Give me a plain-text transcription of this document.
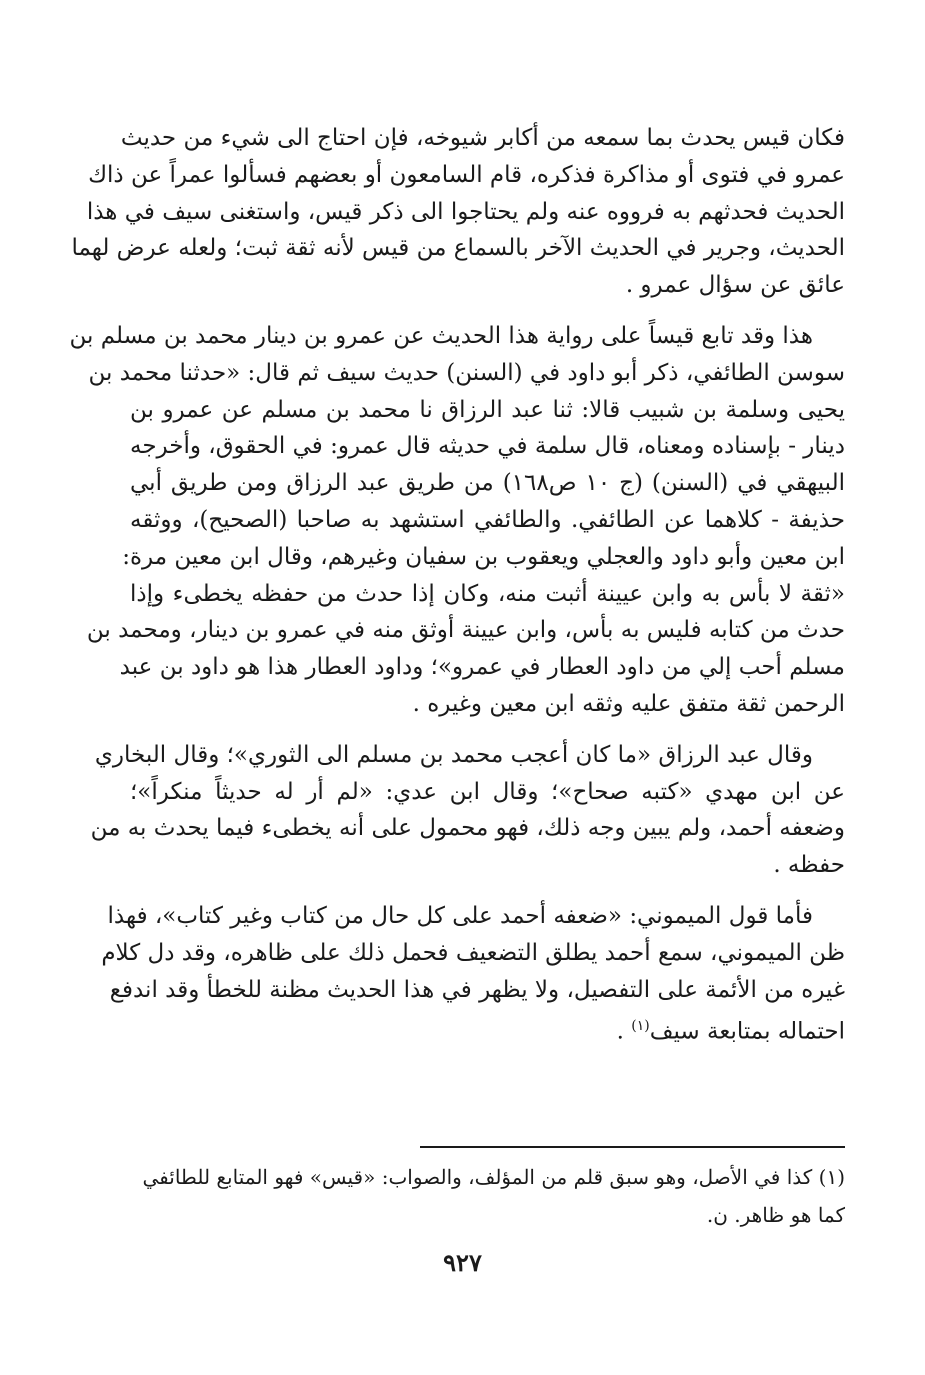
فكان قيس يحدث بما سمعه من أكابر شيوخه، فإن احتاج الى شيء من حديث
عمرو في فتوى أو مذاكرة فذكره، قام السامعون أو بعضهم فسألوا عمراً عن ذاك
الحديث فحدثهم به فرووه عنه ولم يحتاجوا الى ذكر قيس، واستغنى سيف في هذا
الحديث، وجرير في الحديث الآخر بالسماع من قيس لأنه ثقة ثبت؛ ولعله عرض لهما
عائق عن سؤال عمرو .

هذا وقد تابع قيساً على رواية هذا الحديث عن عمرو بن دينار محمد بن مسلم بن
سوسن الطائفي، ذكر أبو داود في (السنن) حديث سيف ثم قال: «حدثنا محمد بن
يحيى وسلمة بن شبيب قالا: ثنا عبد الرزاق نا محمد بن مسلم عن عمرو بن
دينار - بإسناده ومعناه، قال سلمة في حديثه قال عمرو: في الحقوق، وأخرجه
البيهقي في (السنن) (ج ١٠ ص١٦٨) من طريق عبد الرزاق ومن طريق أبي
حذيفة - كلاهما عن الطائفي. والطائفي استشهد به صاحبا (الصحيح)، ووثقه
ابن معين وأبو داود والعجلي ويعقوب بن سفيان وغيرهم، وقال ابن معين مرة:
«ثقة لا بأس به وابن عيينة أثبت منه، وكان إذا حدث من حفظه يخطىء وإذا
حدث من كتابه فليس به بأس، وابن عيينة أوثق منه في عمرو بن دينار، ومحمد بن
مسلم أحب إلي من داود العطار في عمرو»؛ وداود العطار هذا هو داود بن عبد
الرحمن ثقة متفق عليه وثقه ابن معين وغيره .

وقال عبد الرزاق «ما كان أعجب محمد بن مسلم الى الثوري»؛ وقال البخاري
عن ابن مهدي «كتبه صحاح»؛ وقال ابن عدي: «لم أر له حديثاً منكراً»؛
وضعفه أحمد، ولم يبين وجه ذلك، فهو محمول على أنه يخطىء فيما يحدث به من
حفظه .

فأما قول الميموني: «ضعفه أحمد على كل حال من كتاب وغير كتاب»، فهذا
ظن الميموني، سمع أحمد يطلق التضعيف فحمل ذلك على ظاهره، وقد دل كلام
غيره من الأئمة على التفصيل، ولا يظهر في هذا الحديث مظنة للخطأ وقد اندفع
احتماله بمتابعة سيف$^{(١)}$ .

(١) كذا في الأصل، وهو سبق قلم من المؤلف، والصواب: «قيس» فهو المتابع للطائفي
كما هو ظاهر. ن.
٩٢٧
